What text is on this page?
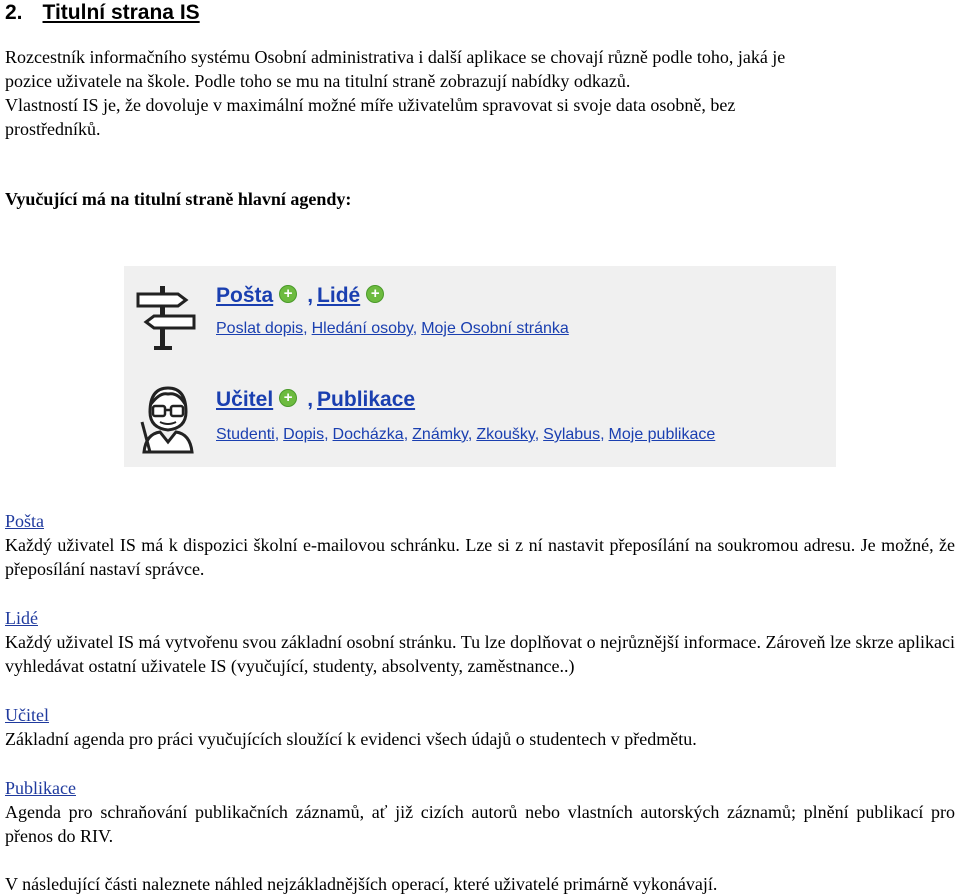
2. Titulní strana IS

Rozcestník informačního systému Osobní administrativa i další aplikace se chovají různě podle toho, jaká je
pozice uživatele na škole. Podle toho se mu na titulní straně zobrazují nabídky odkazů.
Vlastností IS je, že dovoluje v maximální možné míře uživatelům spravovat si svoje data osobně, bez
prostředníků.

Vyučující má na titulní straně hlavní agendy:

Pošta + , Lidé +
Poslat dopis, Hledání osoby, Moje Osobní stránka
Učitel + , Publikace
Studenti, Dopis, Docházka, Známky, Zkoušky, Sylabus, Moje publikace
Pošta

Každý uživatel IS má k dispozici školní e-mailovou schránku. Lze si z ní nastavit přeposílání na soukromou adresu. Je možné, že přeposílání nastaví správce.

Lidé

Každý uživatel IS má vytvořenu svou základní osobní stránku. Tu lze doplňovat o nejrůznější informace. Zároveň lze skrze aplikaci vyhledávat ostatní uživatele IS (vyučující, studenty, absolventy, zaměstnance..)

Učitel

Základní agenda pro práci vyučujících sloužící k evidenci všech údajů o studentech v předmětu.

Publikace

Agenda pro schraňování publikačních záznamů, ať již cizích autorů nebo vlastních autorských záznamů; plnění publikací pro přenos do RIV.

V následující části naleznete náhled nejzákladnějších operací, které uživatelé primárně vykonávají.
